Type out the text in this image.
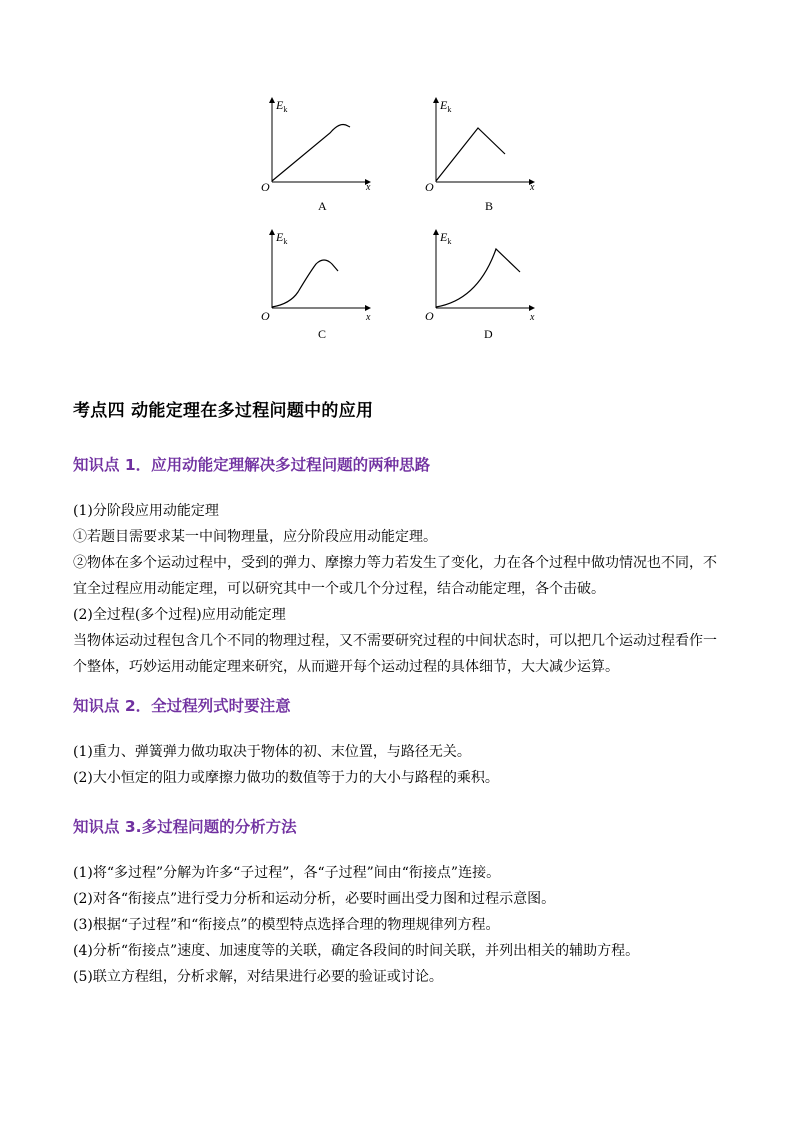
$E_k$
x
O
A
$E_k$
x
O
B
$E_k$
x
O
C
$E_k$
x
O
D
考点四 动能定理在多过程问题中的应用
知识点 1．应用动能定理解决多过程问题的两种思路
(1)分阶段应用动能定理
①若题目需要求某一中间物理量，应分阶段应用动能定理。
②物体在多个运动过程中，受到的弹力、摩擦力等力若发生了变化，力在各个过程中做功情况也不同，不
宜全过程应用动能定理，可以研究其中一个或几个分过程，结合动能定理，各个击破。
(2)全过程(多个过程)应用动能定理
当物体运动过程包含几个不同的物理过程，又不需要研究过程的中间状态时，可以把几个运动过程看作一
个整体，巧妙运用动能定理来研究，从而避开每个运动过程的具体细节，大大减少运算。
知识点 2．全过程列式时要注意
(1)重力、弹簧弹力做功取决于物体的初、末位置，与路径无关。
(2)大小恒定的阻力或摩擦力做功的数值等于力的大小与路程的乘积。
知识点 3.多过程问题的分析方法
(1)将“多过程”分解为许多“子过程”，各“子过程”间由“衔接点”连接。
(2)对各“衔接点”进行受力分析和运动分析，必要时画出受力图和过程示意图。
(3)根据“子过程”和“衔接点”的模型特点选择合理的物理规律列方程。
(4)分析“衔接点”速度、加速度等的关联，确定各段间的时间关联，并列出相关的辅助方程。
(5)联立方程组，分析求解，对结果进行必要的验证或讨论。
